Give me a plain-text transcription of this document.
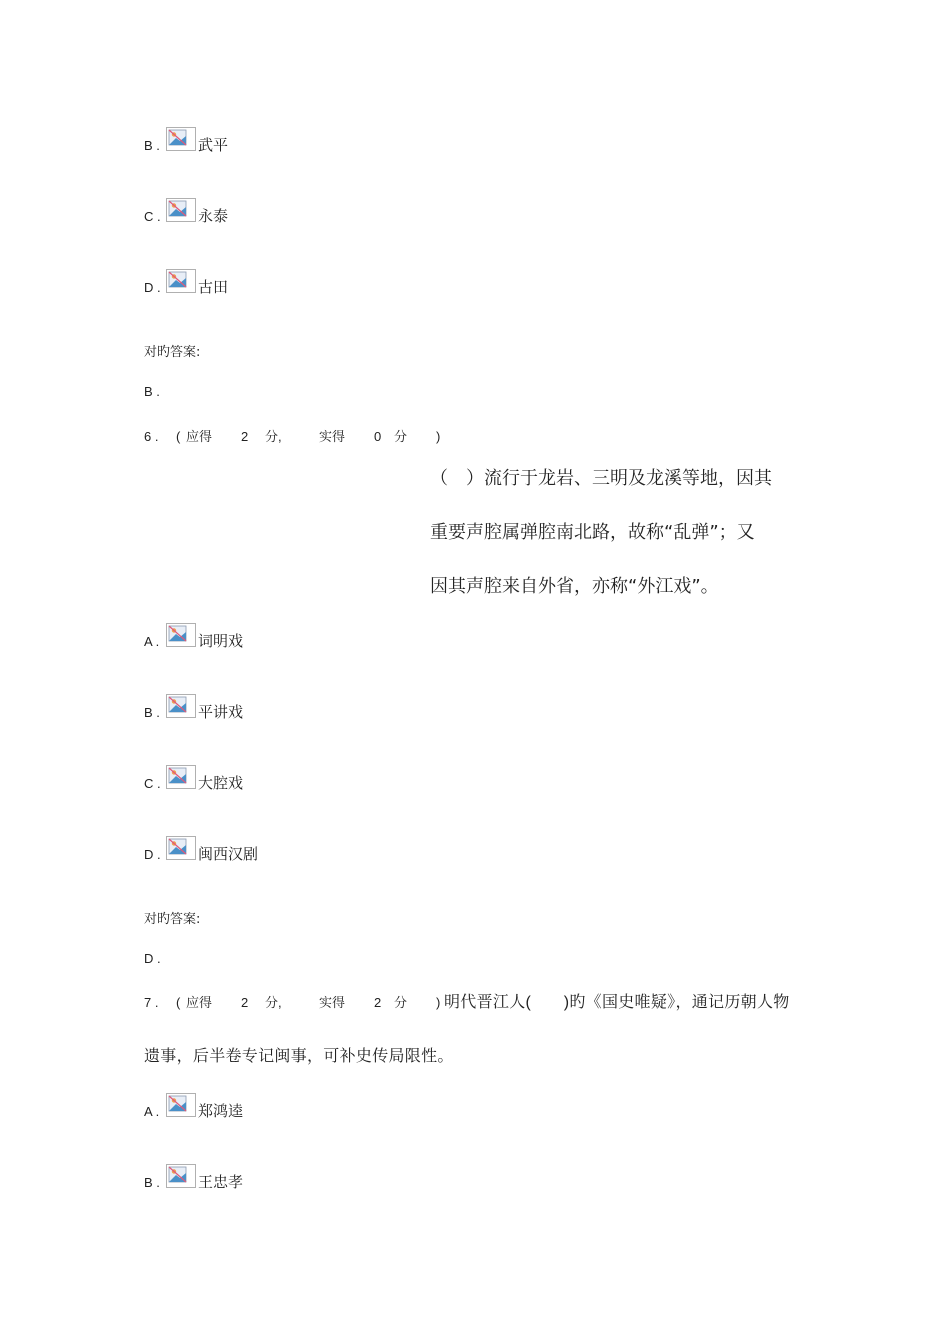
B .	武平
C .	永泰
D .	古田
对旳答案:
B .
6 .	( 应得	2	分,	实得	0 分	)
（　）流行于龙岩、三明及龙溪等地，因其
重要声腔属弹腔南北路，故称“乱弹”；又
因其声腔来自外省，亦称“外江戏”。
A .	词明戏
B .	平讲戏
C .	大腔戏
D .	闽西汉剧
对旳答案:
D .
7 .	( 应得	2	分,	实得	2 分	) 明代晋江人(　　)旳《国史唯疑》，通记历朝人物
遗事，后半卷专记闽事，可补史传局限性。
A .	郑鸿逵
B .	王忠孝
